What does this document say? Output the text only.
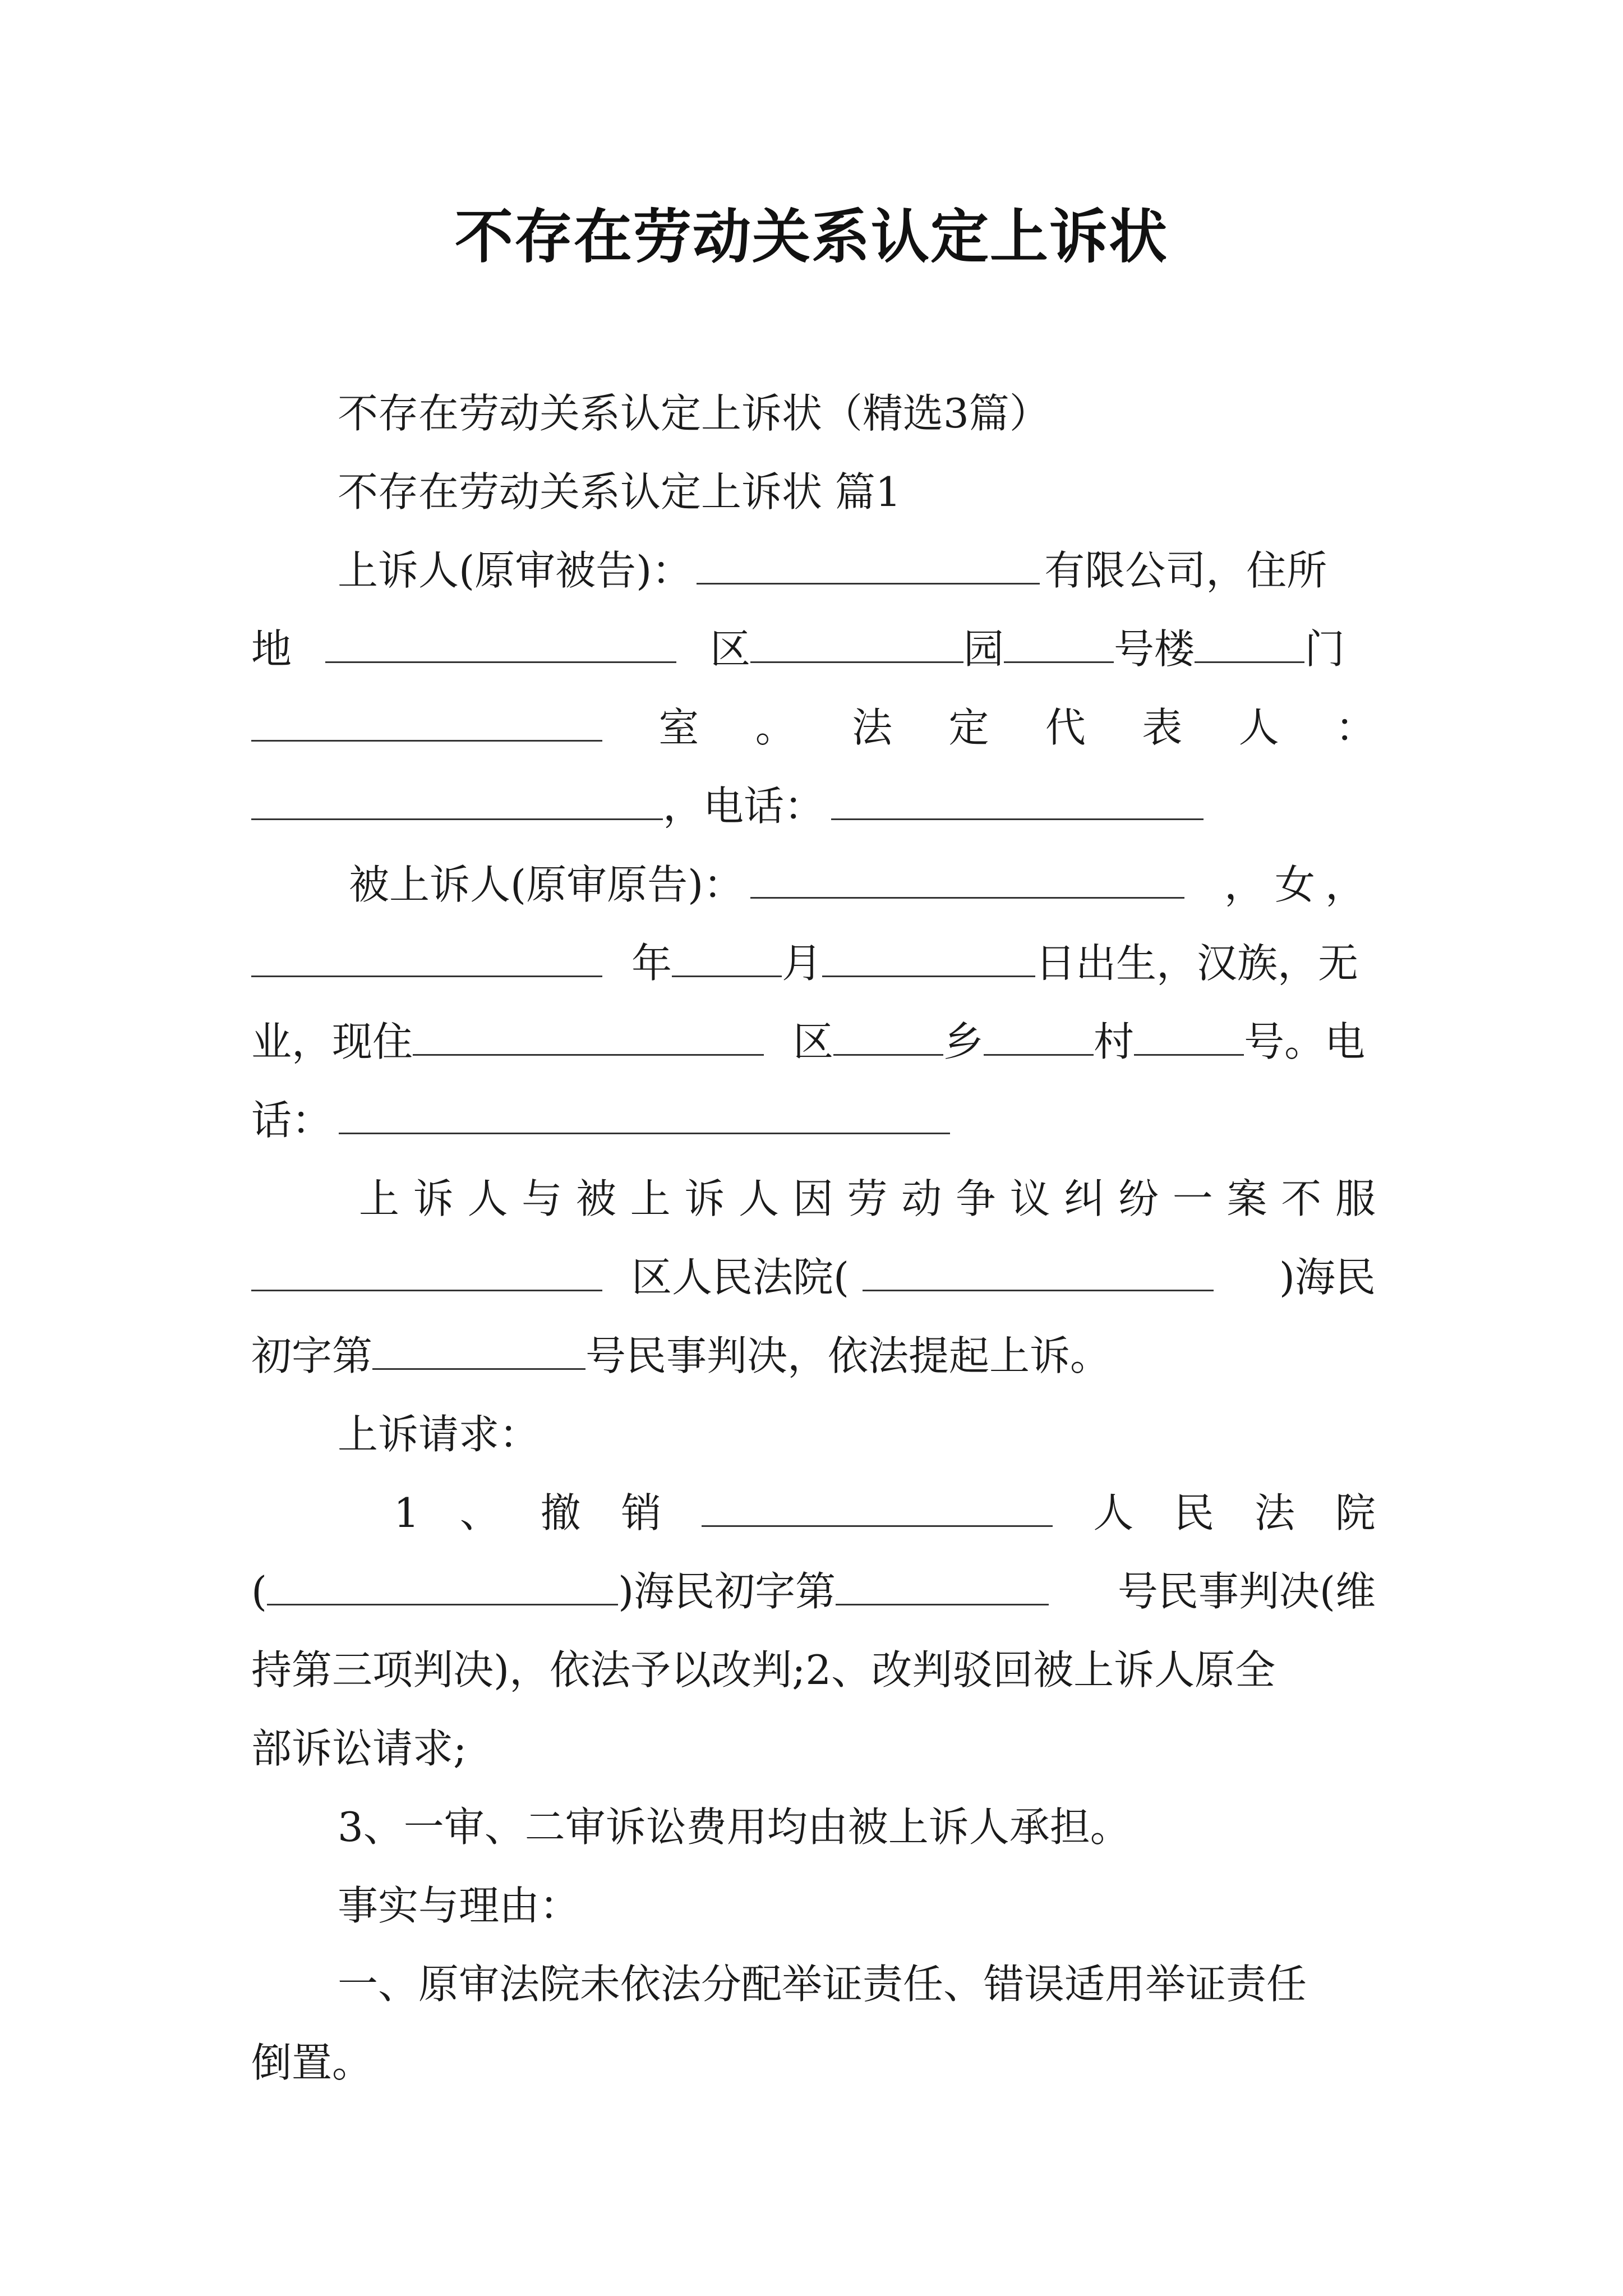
不存在劳动关系认定上诉状
不存在劳动关系认定上诉状（精选3篇）
不存在劳动关系认定上诉状 篇1
上诉人(原审被告)：	有限公司，住所
地	区	园	号楼	门
室 。 法 定 代 表 人 ：
，电话：
被上诉人(原审原告)：	，女，
年	月	日出生，汉族，无
业，现住	区	乡	村	号。电
话：
上 诉 人 与 被 上 诉 人 因 劳 动 争 议 纠 纷 一 案 不 服
区人民法院(	)海民
初字第	号民事判决，依法提起上诉。
上诉请求：
1 、 撤 销	人 民 法 院
(	)海民初字第	号民事判决(维
持第三项判决)，依法予以改判;2、改判驳回被上诉人原全
部诉讼请求;
3、一审、二审诉讼费用均由被上诉人承担。
事实与理由：
一、原审法院未依法分配举证责任、错误适用举证责任
倒置。
